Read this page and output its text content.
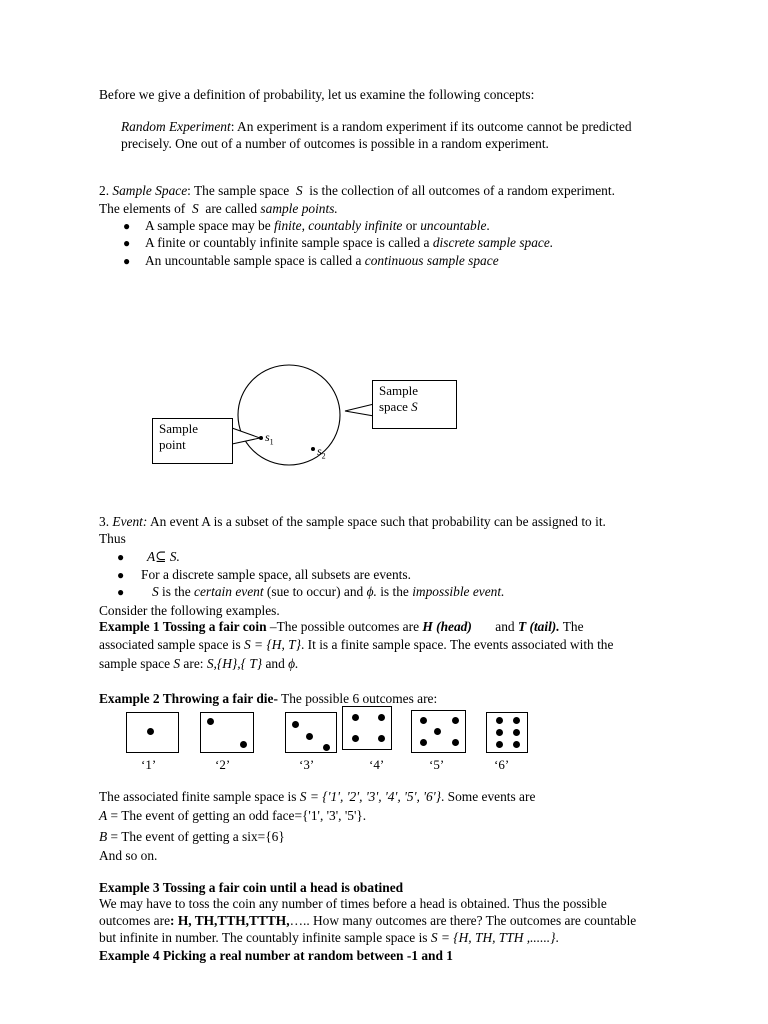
Before we give a definition of probability, let us examine the following concepts:
Random Experiment: An experiment is a random experiment if its outcome cannot be predicted
precisely. One out of a number of outcomes is possible in a random experiment.
2. Sample Space: The sample space S is the collection of all outcomes of a random experiment.
The elements of S are called sample points.
● A sample space may be finite, countably infinite or uncountable.
● A finite or countably infinite sample space is called a discrete sample space.
● An uncountable sample space is called a continuous sample space
Sample
space S
Sample
point	$s_1$
$s_2$
3. Event: An event A is a subset of the sample space such that probability can be assigned to it.
Thus
● A⊆ S.
● For a discrete sample space, all subsets are events.
● S is the certain event (sue to occur) and ϕ. is the impossible event.
Consider the following examples.
Example 1 Tossing a fair coin –The possible outcomes are H (head) and T (tail). The
associated sample space is S = {H, T}. It is a finite sample space. The events associated with the
sample space S are: S,{H},{ T} and ϕ.
Example 2 Throwing a fair die- The possible 6 outcomes are:
‘1’	‘2’	‘3’	‘4’	‘5’	‘6’
The associated finite sample space is S = {'1', '2', '3', '4', '5', '6'}. Some events are
A = The event of getting an odd face={'1', '3', '5'}.
B = The event of getting a six={6}
And so on.
Example 3 Tossing a fair coin until a head is obatined
We may have to toss the coin any number of times before a head is obtained. Thus the possible
outcomes are: H, TH,TTH,TTTH,….. How many outcomes are there? The outcomes are countable
but infinite in number. The countably infinite sample space is S = {H, TH, TTH ,......}.
Example 4 Picking a real number at random between -1 and 1
